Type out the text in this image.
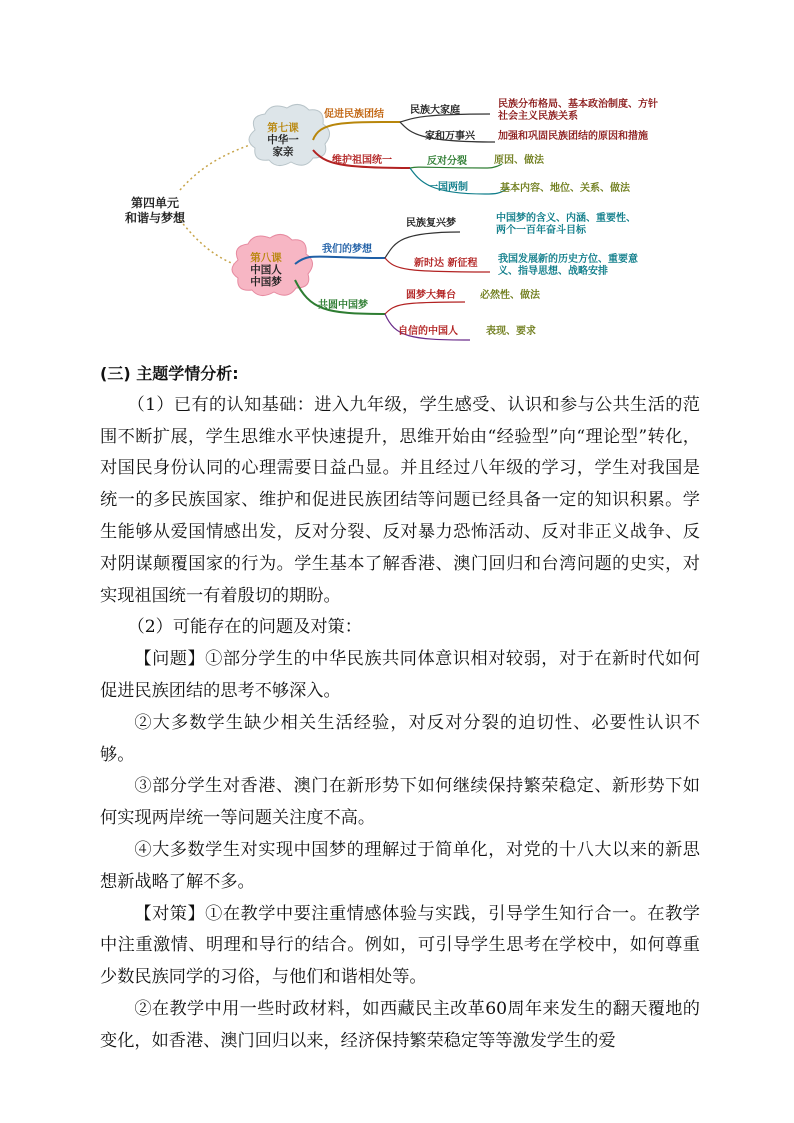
第四单元
和谐与梦想
第七课
中华一
家亲
第八课
中国人
中国梦
促进民族团结
维护祖国统一
我们的梦想
共圆中国梦
民族大家庭
家和万事兴
反对分裂
一国两制
民族复兴梦
新时达 新征程
圆梦大舞台
自信的中国人
民族分布格局、基本政治制度、方针
社会主义民族关系
加强和巩固民族团结的原因和措施
原因、做法
基本内容、地位、关系、做法
中国梦的含义、内涵、重要性、
两个一百年奋斗目标
我国发展新的历史方位、重要意
义、指导思想、战略安排
必然性、做法
表现、要求

(三) 主题学情分析:

（1）已有的认知基础：进入九年级，学生感受、认识和参与公共生活的范围不断扩展，学生思维水平快速提升，思维开始由“经验型”向“理论型”转化，对国民身份认同的心理需要日益凸显。并且经过八年级的学习，学生对我国是统一的多民族国家、维护和促进民族团结等问题已经具备一定的知识积累。学生能够从爱国情感出发，反对分裂、反对暴力恐怖活动、反对非正义战争、反对阴谋颠覆国家的行为。学生基本了解香港、澳门回归和台湾问题的史实，对实现祖国统一有着殷切的期盼。

（2）可能存在的问题及对策：

【问题】①部分学生的中华民族共同体意识相对较弱，对于在新时代如何促进民族团结的思考不够深入。

②大多数学生缺少相关生活经验，对反对分裂的迫切性、必要性认识不够。

③部分学生对香港、澳门在新形势下如何继续保持繁荣稳定、新形势下如何实现两岸统一等问题关注度不高。

④大多数学生对实现中国梦的理解过于简单化，对党的十八大以来的新思想新战略了解不多。

【对策】①在教学中要注重情感体验与实践，引导学生知行合一。在教学中注重激情、明理和导行的结合。例如，可引导学生思考在学校中，如何尊重少数民族同学的习俗，与他们和谐相处等。

②在教学中用一些时政材料，如西藏民主改革60周年来发生的翻天覆地的变化，如香港、澳门回归以来，经济保持繁荣稳定等等激发学生的爱
